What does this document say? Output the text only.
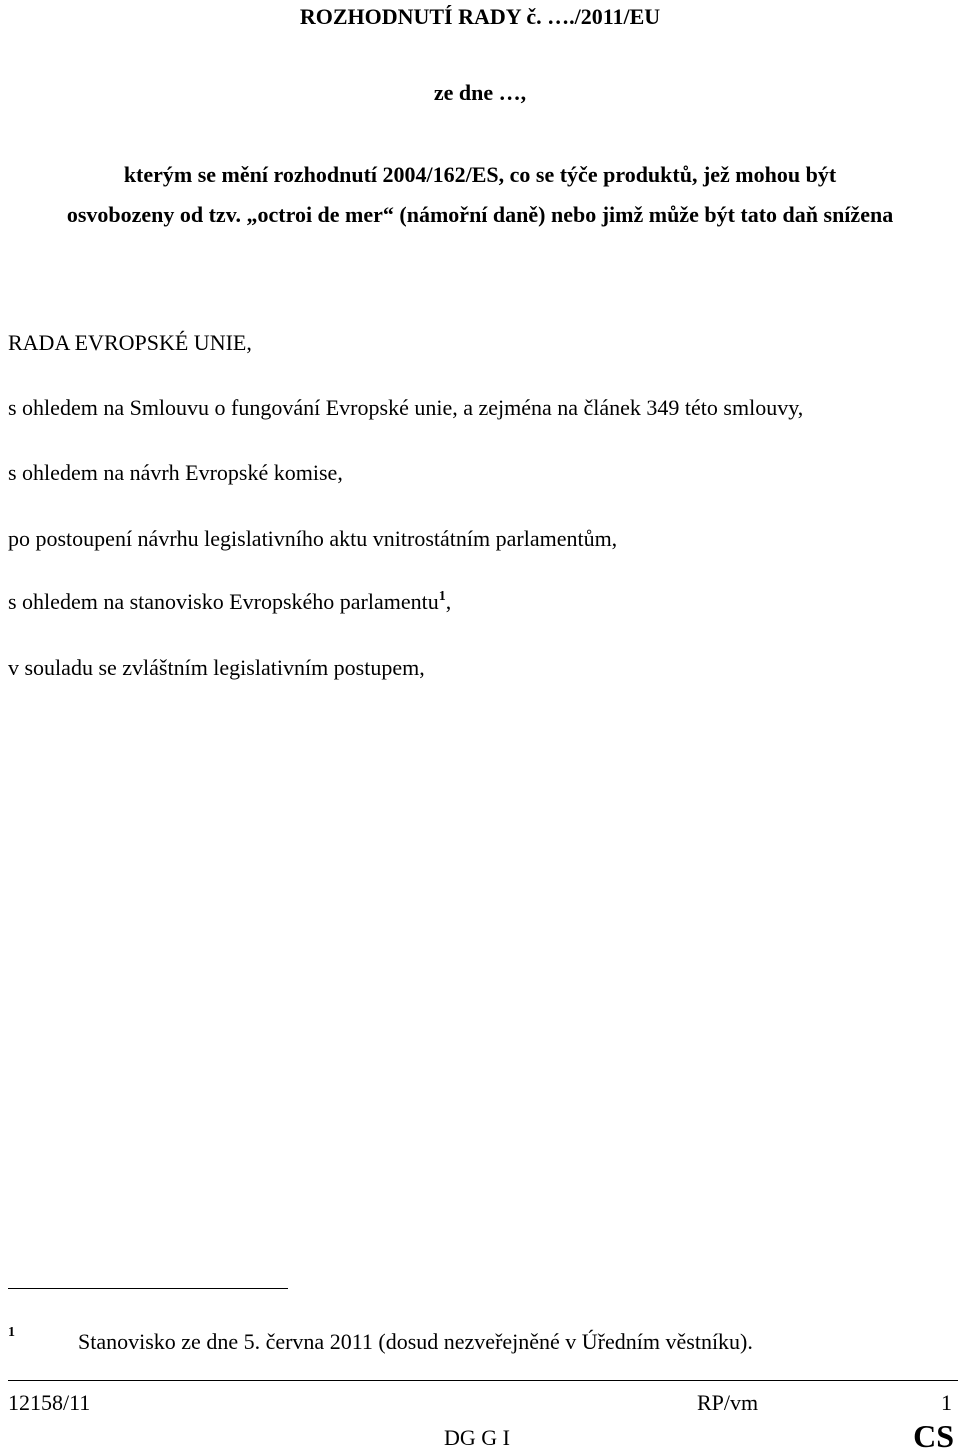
ROZHODNUTÍ RADY č. …./2011/EU
ze dne …,
kterým se mění rozhodnutí 2004/162/ES, co se týče produktů, jež mohou být
osvobozeny od tzv. „octroi de mer“ (námořní daně) nebo jimž může být tato daň snížena
RADA EVROPSKÉ UNIE,
s ohledem na Smlouvu o fungování Evropské unie, a zejména na článek 349 této smlouvy,
s ohledem na návrh Evropské komise,
po postoupení návrhu legislativního aktu vnitrostátním parlamentům,
s ohledem na stanovisko Evropského parlamentu$^1$,
v souladu se zvláštním legislativním postupem,
1	Stanovisko ze dne 5. června 2011 (dosud nezveřejněné v Úředním věstníku).
12158/11	RP/vm	1
DG G I	CS
